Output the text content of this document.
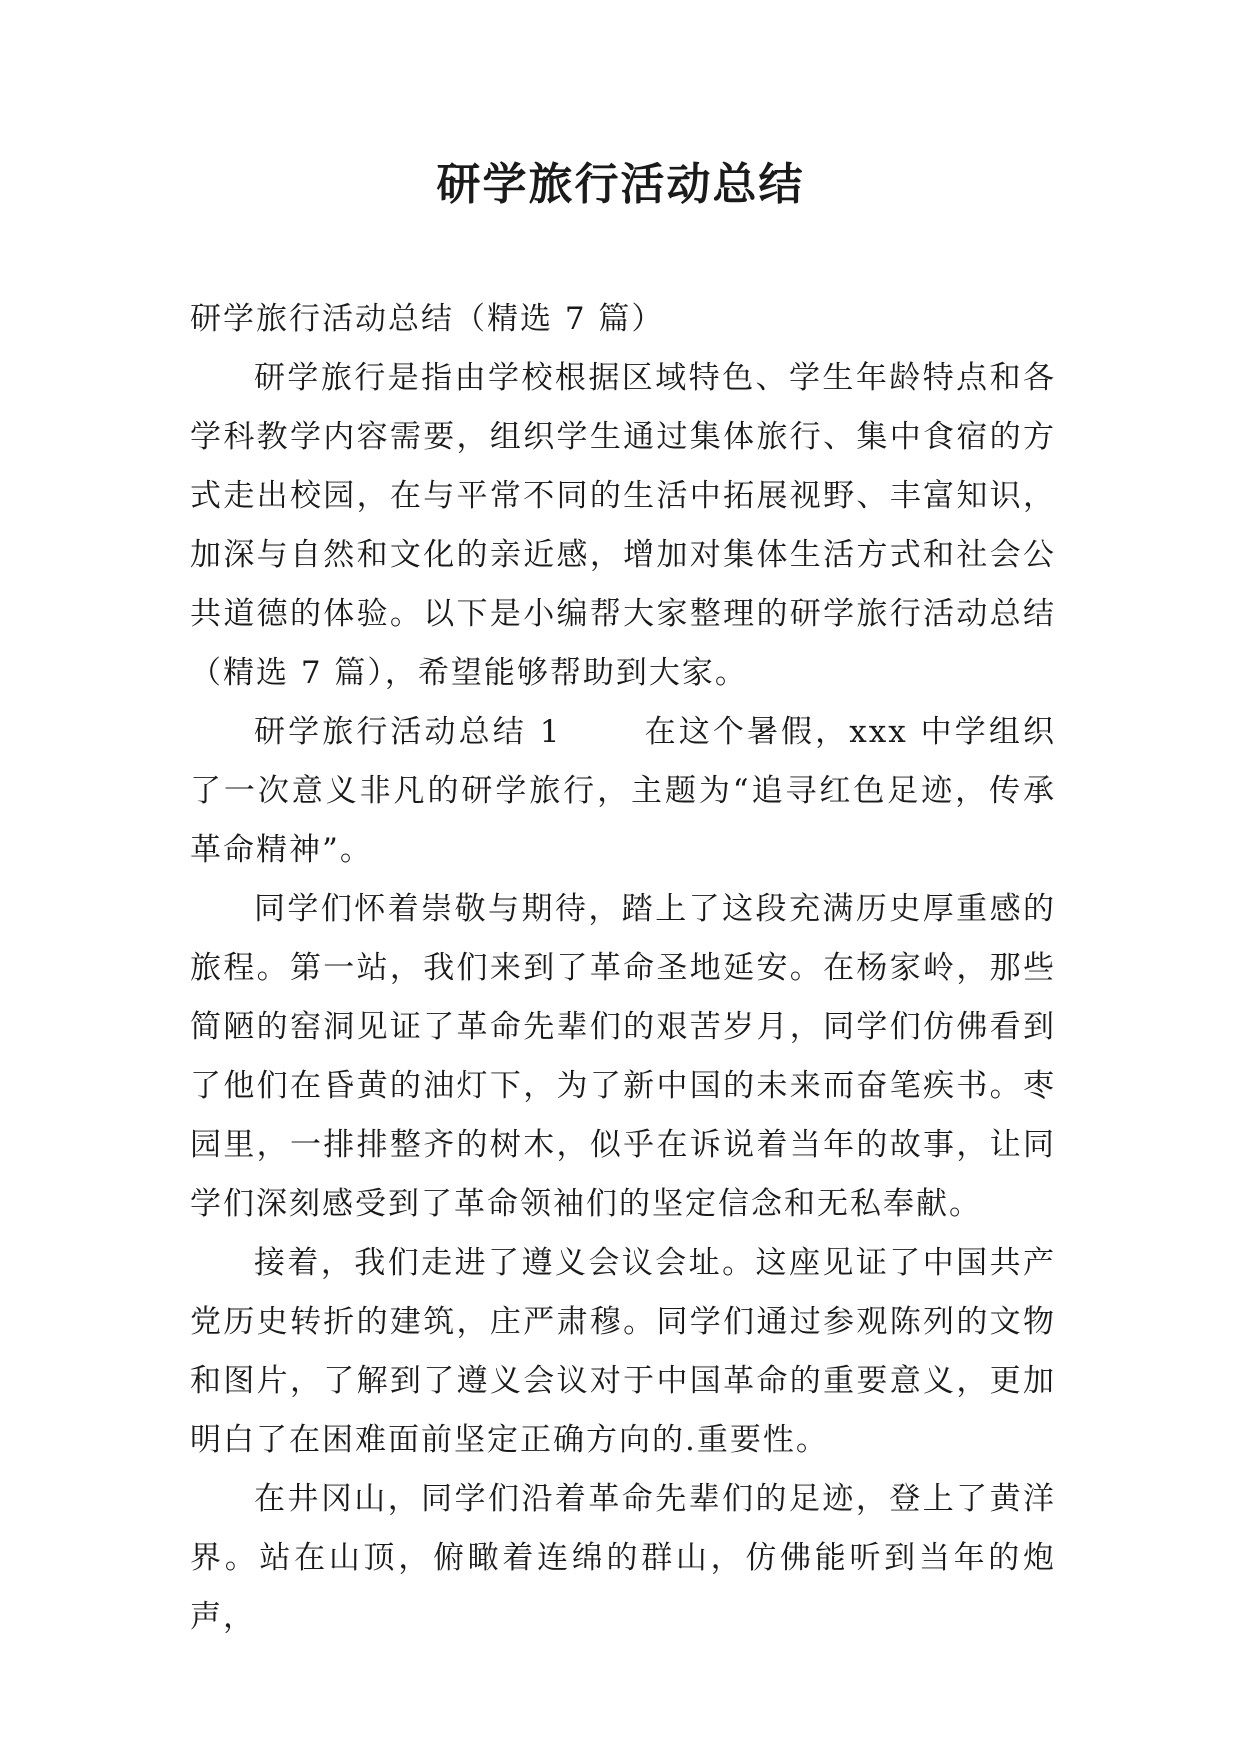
研学旅行活动总结

研学旅行活动总结（精选 7 篇）

研学旅行是指由学校根据区域特色、学生年龄特点和各学科教学内容需要，组织学生通过集体旅行、集中食宿的方式走出校园，在与平常不同的生活中拓展视野、丰富知识，加深与自然和文化的亲近感，增加对集体生活方式和社会公共道德的体验。以下是小编帮大家整理的研学旅行活动总结（精选 7 篇），希望能够帮助到大家。

研学旅行活动总结 1	在这个暑假，xxx 中学组织了一次意义非凡的研学旅行，主题为“追寻红色足迹，传承革命精神”。

同学们怀着崇敬与期待，踏上了这段充满历史厚重感的旅程。第一站，我们来到了革命圣地延安。在杨家岭，那些简陋的窑洞见证了革命先辈们的艰苦岁月，同学们仿佛看到了他们在昏黄的油灯下，为了新中国的未来而奋笔疾书。枣园里，一排排整齐的树木，似乎在诉说着当年的故事，让同学们深刻感受到了革命领袖们的坚定信念和无私奉献。

接着，我们走进了遵义会议会址。这座见证了中国共产党历史转折的建筑，庄严肃穆。同学们通过参观陈列的文物和图片，了解到了遵义会议对于中国革命的重要意义，更加明白了在困难面前坚定正确方向的.重要性。

在井冈山，同学们沿着革命先辈们的足迹，登上了黄洋界。站在山顶，俯瞰着连绵的群山，仿佛能听到当年的炮声，
